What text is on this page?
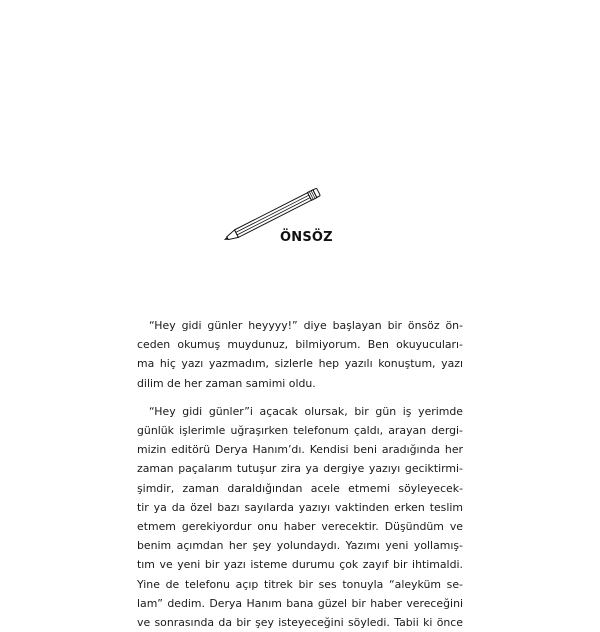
ÖNSÖZ

“Hey gidi günler heyyyy!” diye başlayan bir önsöz ön-
ceden okumuş muydunuz, bilmiyorum. Ben okuyucuları-
ma hiç yazı yazmadım, sizlerle hep yazılı konuştum, yazı
dilim de her zaman samimi oldu.

“Hey gidi günler”i açacak olursak, bir gün iş yerimde
günlük işlerimle uğraşırken telefonum çaldı, arayan dergi-
mizin editörü Derya Hanım’dı. Kendisi beni aradığında her
zaman paçalarım tutuşur zira ya dergiye yazıyı geciktirmi-
şimdir, zaman daraldığından acele etmemi söyleyecek-
tir ya da özel bazı sayılarda yazıyı vaktinden erken teslim
etmem gerekiyordur onu haber verecektir. Düşündüm ve
benim açımdan her şey yolundaydı. Yazımı yeni yollamış-
tım ve yeni bir yazı isteme durumu çok zayıf bir ihtimaldi.
Yine de telefonu açıp titrek bir ses tonuyla “aleyküm se-
lam” dedim. Derya Hanım bana güzel bir haber vereceğini
ve sonrasında da bir şey isteyeceğini söyledi. Tabii ki önce
